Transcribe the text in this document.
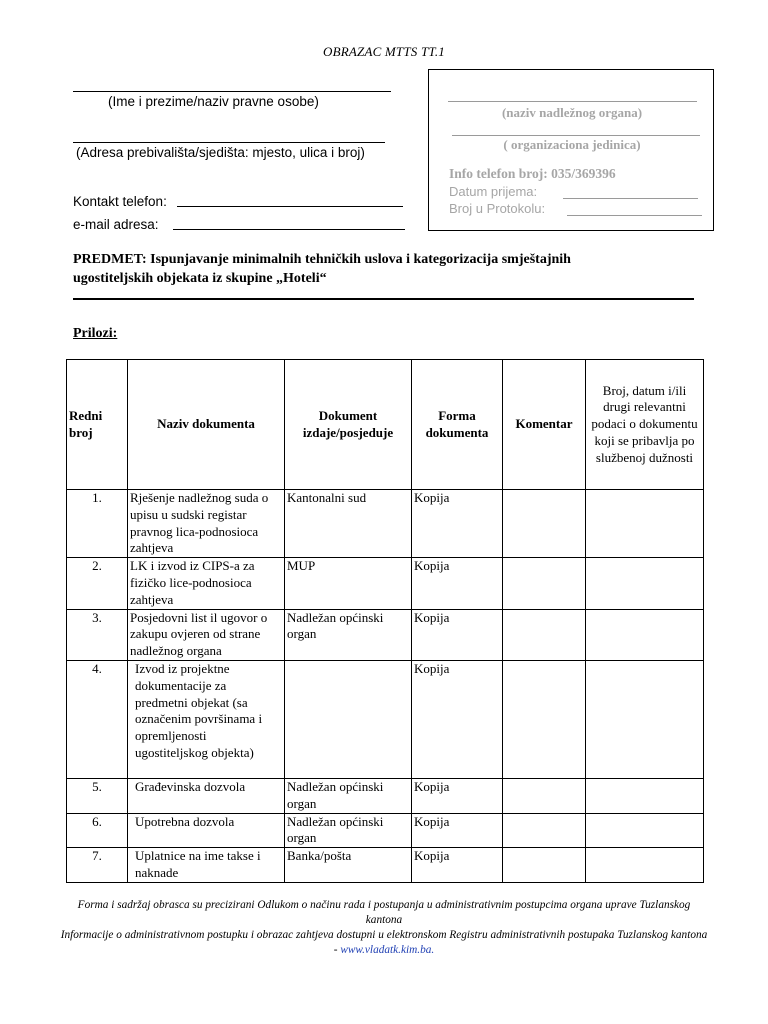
OBRAZAC MTTS TT.1
(Ime i prezime/naziv pravne osobe)
(Adresa prebivališta/sjedišta: mjesto, ulica i broj)
Kontakt telefon:
e-mail adresa:
(naziv nadležnog organa)
( organizaciona jedinica)
Info telefon broj: 035/369396
Datum prijema:
Broj u Protokolu:
PREDMET: Ispunjavanje minimalnih tehničkih uslova i kategorizacija smještajnih
ugostiteljskih objekata iz skupine „Hoteli“
Prilozi:
Redni broj	Naziv dokumenta	Dokument izdaje/posjeduje	Forma dokumenta	Komentar	Broj, datum i/ili drugi relevantni podaci o dokumentu koji se pribavlja po službenoj dužnosti
1.	Rješenje nadležnog suda o upisu u sudski registar pravnog lica-podnosioca zahtjeva	Kantonalni sud	Kopija		
2.	LK i izvod iz CIPS-a za fizičko lice-podnosioca zahtjeva	MUP	Kopija		
3.	Posjedovni list il ugovor o zakupu ovjeren od strane nadležnog organa	Nadležan općinski organ	Kopija		
4.	Izvod iz projektne dokumentacije za predmetni objekat (sa označenim površinama i opremljenosti ugostiteljskog objekta)		Kopija		
5.	Građevinska dozvola	Nadležan općinski organ	Kopija		
6.	Upotrebna dozvola	Nadležan općinski organ	Kopija		
7.	Uplatnice na ime takse i naknade	Banka/pošta	Kopija		
Forma i sadržaj obrasca su precizirani Odlukom o načinu rada i postupanja u administrativnim postupcima organa uprave Tuzlanskog kantona
Informacije o administrativnom postupku i obrazac zahtjeva dostupni u elektronskom Registru administrativnih postupaka Tuzlanskog kantona - www.vladatk.kim.ba.
